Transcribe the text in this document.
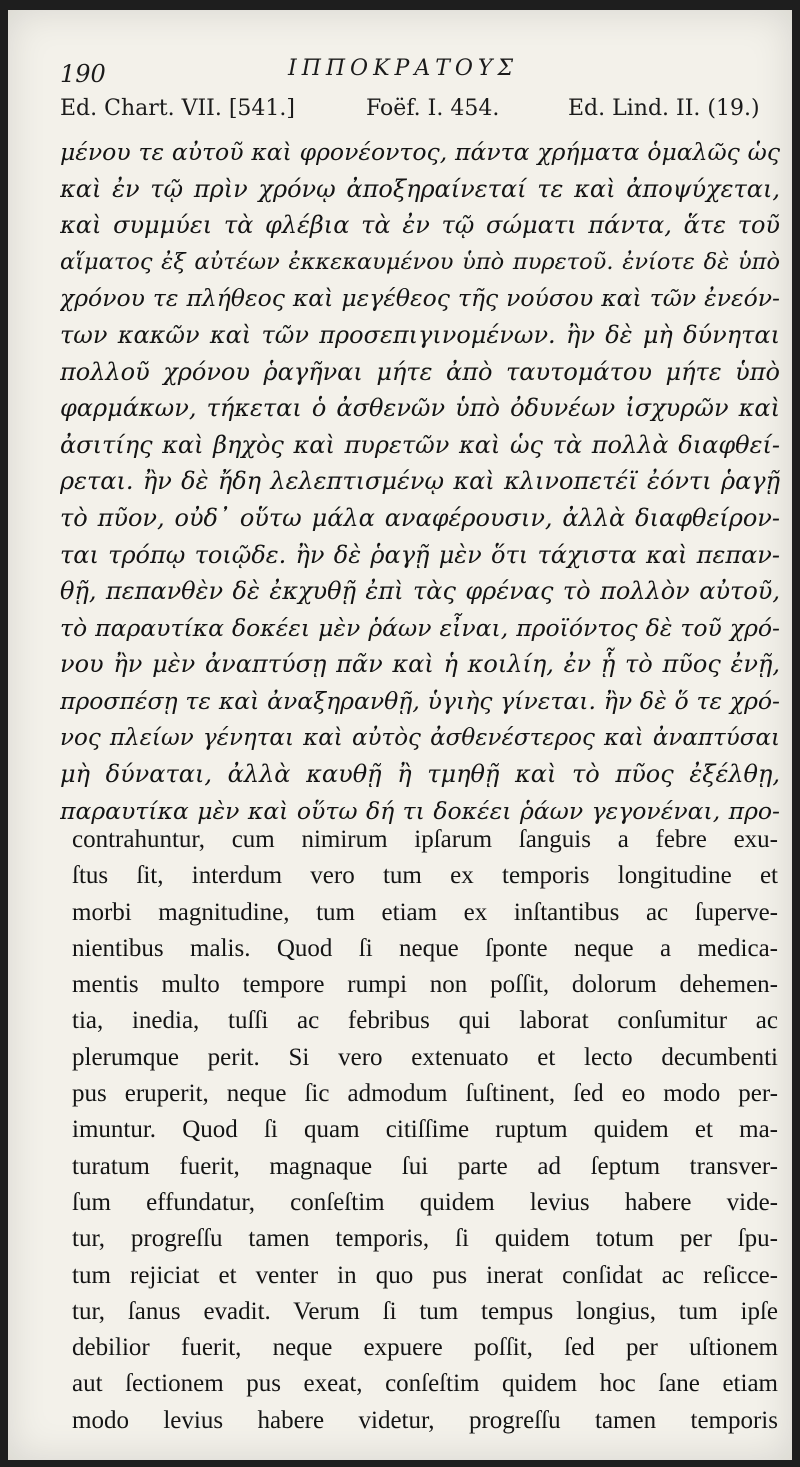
190	ΙΠΠΟΚΡΑΤΟΥΣ
Ed. Chart. VII. [541.]	Foëf. I. 454.	Ed. Lind. II. (19.)
μένου τε αὐτοῦ καὶ φρονέοντος, πάντα χρήματα ὁμαλῶς ὡς
καὶ ἐν τῷ πρὶν χρόνῳ ἀποξηραίνεταί τε καὶ ἀποψύχεται,
καὶ συμμύει τὰ φλέβια τὰ ἐν τῷ σώματι πάντα, ἅτε τοῦ
αἵματος ἐξ αὐτέων ἐκκεκαυμένου ὑπὸ πυρετοῦ. ἐνίοτε δὲ ὑπὸ
χρόνου τε πλήθεος καὶ μεγέθεος τῆς νούσου καὶ τῶν ἐνεόν-
των κακῶν καὶ τῶν προσεπιγινομένων. ἢν δὲ μὴ δύνηται
πολλοῦ χρόνου ῥαγῆναι μήτε ἀπὸ ταυτομάτου μήτε ὑπὸ
φαρμάκων, τήκεται ὁ ἀσθενῶν ὑπὸ ὀδυνέων ἰσχυρῶν καὶ
ἀσιτίης καὶ βηχὸς καὶ πυρετῶν καὶ ὡς τὰ πολλὰ διαφθεί-
ρεται. ἢν δὲ ἤδη λελεπτισμένῳ καὶ κλινοπετέϊ ἐόντι ῥαγῇ
τὸ πῦον, οὐδ᾽ οὕτω μάλα αναφέρουσιν, ἀλλὰ διαφθείρον-
ται τρόπῳ τοιῷδε. ἢν δὲ ῥαγῇ μὲν ὅτι τάχιστα καὶ πεπαν-
θῇ, πεπανθὲν δὲ ἐκχυθῇ ἐπὶ τὰς φρένας τὸ πολλὸν αὐτοῦ,
τὸ παραυτίκα δοκέει μὲν ῥάων εἶναι, προϊόντος δὲ τοῦ χρό-
νου ἢν μὲν ἀναπτύσῃ πᾶν καὶ ἡ κοιλίη, ἐν ᾗ τὸ πῦος ἐνῇ,
προσπέσῃ τε καὶ ἀναξηρανθῇ, ὑγιὴς γίνεται. ἢν δὲ ὅ τε χρό-
νος πλείων γένηται καὶ αὐτὸς ἀσθενέστερος καὶ ἀναπτύσαι
μὴ δύναται, ἀλλὰ καυθῇ ἢ τμηθῇ καὶ τὸ πῦος ἐξέλθῃ,
παραυτίκα μὲν καὶ οὕτω δή τι δοκέει ῥάων γεγονέναι, προ-
contrahuntur, cum nimirum ipſarum ſanguis a febre exu-
ſtus ſit, interdum vero tum ex temporis longitudine et
morbi magnitudine, tum etiam ex inſtantibus ac ſuperve-
nientibus malis. Quod ſi neque ſponte neque a medica-
mentis multo tempore rumpi non poſſit, dolorum dehemen-
tia, inedia, tuſſi ac febribus qui laborat conſumitur ac
plerumque perit. Si vero extenuato et lecto decumbenti
pus eruperit, neque ſic admodum ſuſtinent, ſed eo modo per-
imuntur. Quod ſi quam citiſſime ruptum quidem et ma-
turatum fuerit, magnaque ſui parte ad ſeptum transver-
ſum effundatur, conſeſtim quidem levius habere vide-
tur, progreſſu tamen temporis, ſi quidem totum per ſpu-
tum rejiciat et venter in quo pus inerat conſidat ac reſicce-
tur, ſanus evadit. Verum ſi tum tempus longius, tum ipſe
debilior fuerit, neque expuere poſſit, ſed per uſtionem
aut ſectionem pus exeat, conſeſtim quidem hoc ſane etiam
modo levius habere videtur, progreſſu tamen temporis
